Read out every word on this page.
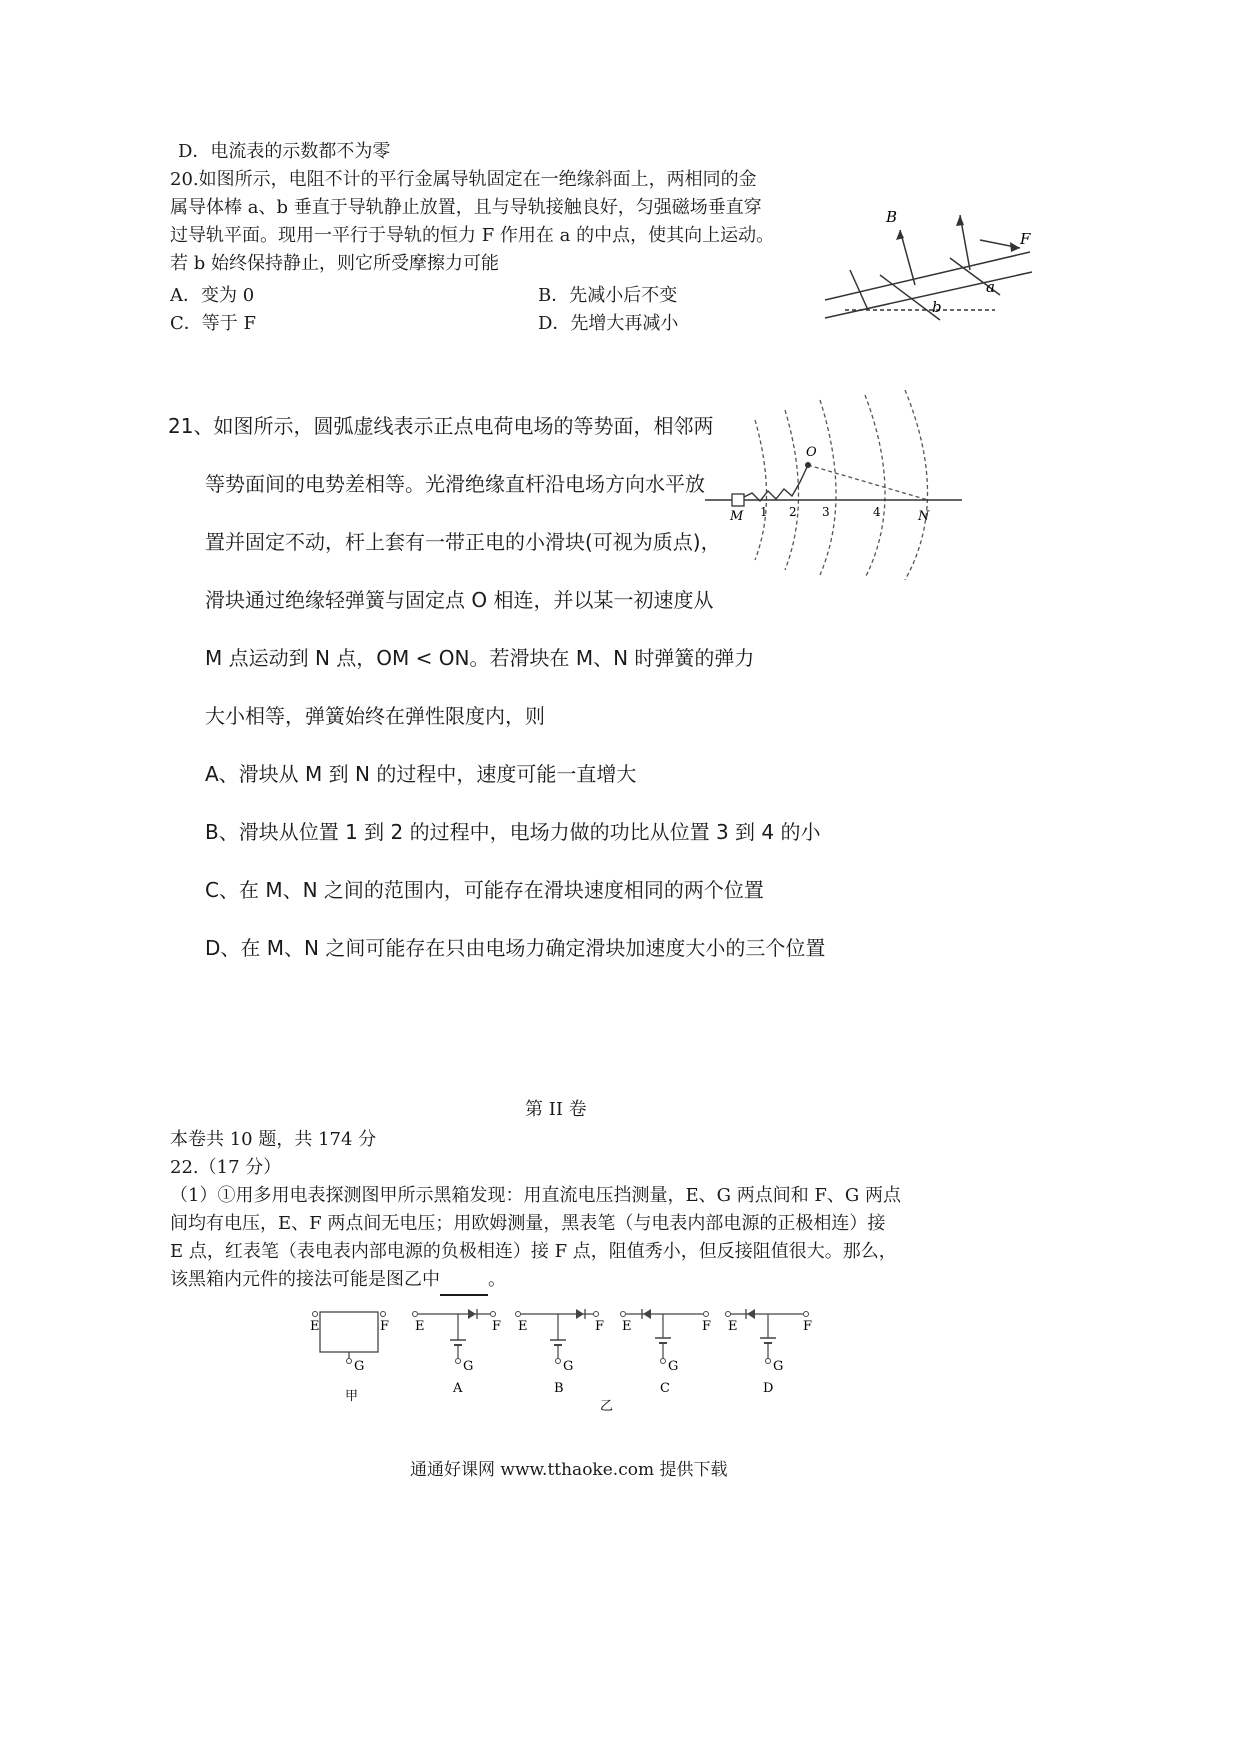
D．电流表的示数都不为零
20.如图所示，电阻不计的平行金属导轨固定在一绝缘斜面上，两相同的金
属导体棒 a、b 垂直于导轨静止放置，且与导轨接触良好，匀强磁场垂直穿
过导轨平面。现用一平行于导轨的恒力 F 作用在 a 的中点，使其向上运动。
若 b 始终保持静止，则它所受摩擦力可能
A．变为 0	B．先减小后不变
C．等于 F	D．先增大再减小
B
F
a
b
21、如图所示，圆弧虚线表示正点电荷电场的等势面，相邻两
等势面间的电势差相等。光滑绝缘直杆沿电场方向水平放
置并固定不动，杆上套有一带正电的小滑块(可视为质点)，
滑块通过绝缘轻弹簧与固定点 O 相连，并以某一初速度从
M 点运动到 N 点，OM < ON。若滑块在 M、N 时弹簧的弹力
大小相等，弹簧始终在弹性限度内，则
A、滑块从 M 到 N 的过程中，速度可能一直增大
B、滑块从位置 1 到 2 的过程中，电场力做的功比从位置 3 到 4 的小
C、在 M、N 之间的范围内，可能存在滑块速度相同的两个位置
D、在 M、N 之间可能存在只由电场力确定滑块加速度大小的三个位置
O
M	N
1 2 3	4
第 II 卷
本卷共 10 题，共 174 分
22.（17 分）
（1）①用多用电表探测图甲所示黑箱发现：用直流电压挡测量，E、G 两点间和 F、G 两点
间均有电压，E、F 两点间无电压；用欧姆测量，黑表笔（与电表内部电源的正极相连）接
E 点，红表笔（表电表内部电源的负极相连）接 F 点，阻值秀小，但反接阻值很大。那么，
该黑箱内元件的接法可能是图乙中	。
E	F
G
甲
E	F
G
A
E	F
G
B
E	F
G
C
E	F
G
D
乙
通通好课网 www.tthaoke.com 提供下载
